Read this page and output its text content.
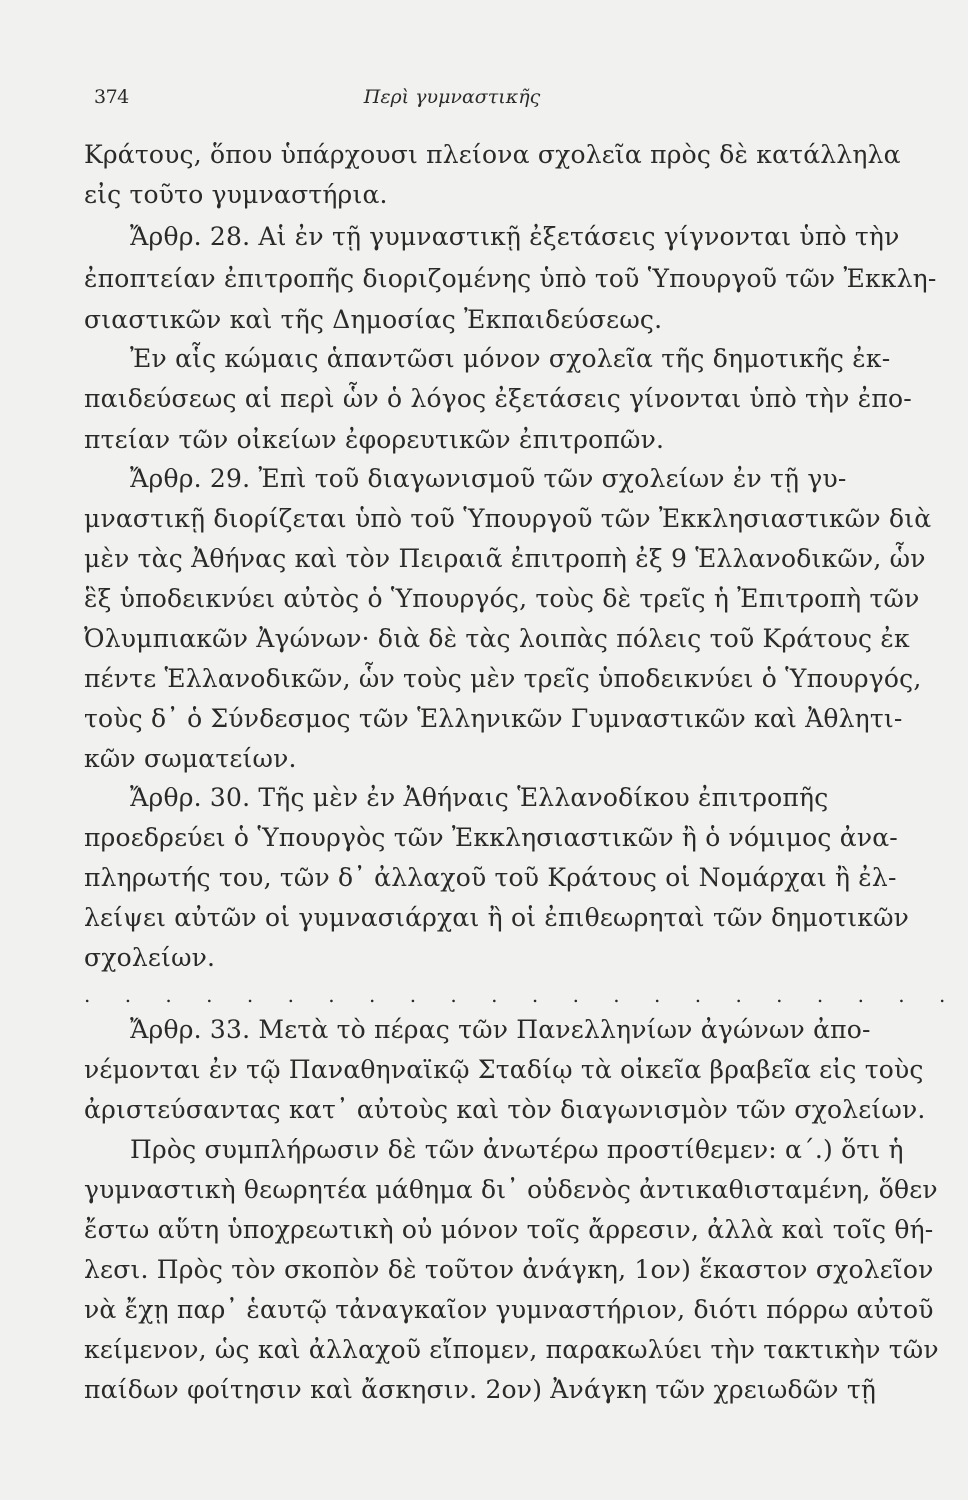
374	Περὶ γυμναστικῆς
Κράτους, ὅπου ὑπάρχουσι πλείονα σχολεῖα πρὸς δὲ κατάλληλα
εἰς τοῦτο γυμναστήρια.
Ἄρθρ. 28. Αἱ ἐν τῇ γυμναστικῇ ἐξετάσεις γίγνονται ὑπὸ τὴν
ἐποπτείαν ἐπιτροπῆς διοριζομένης ὑπὸ τοῦ Ὑπουργοῦ τῶν Ἐκκλη-
σιαστικῶν καὶ τῆς Δημοσίας Ἐκπαιδεύσεως.
Ἐν αἷς κώμαις ἁπαντῶσι μόνον σχολεῖα τῆς δημοτικῆς ἐκ-
παιδεύσεως αἱ περὶ ὧν ὁ λόγος ἐξετάσεις γίνονται ὑπὸ τὴν ἐπο-
πτείαν τῶν οἰκείων ἐφορευτικῶν ἐπιτροπῶν.
Ἄρθρ. 29. Ἐπὶ τοῦ διαγωνισμοῦ τῶν σχολείων ἐν τῇ γυ-
μναστικῇ διορίζεται ὑπὸ τοῦ Ὑπουργοῦ τῶν Ἐκκλησιαστικῶν διὰ
μὲν τὰς Ἀθήνας καὶ τὸν Πειραιᾶ ἐπιτροπὴ ἐξ 9 Ἑλλανοδικῶν, ὧν
ἓξ ὑποδεικνύει αὐτὸς ὁ Ὑπουργός, τοὺς δὲ τρεῖς ἡ Ἐπιτροπὴ τῶν
Ὀλυμπιακῶν Ἀγώνων· διὰ δὲ τὰς λοιπὰς πόλεις τοῦ Κράτους ἐκ
πέντε Ἑλλανοδικῶν, ὧν τοὺς μὲν τρεῖς ὑποδεικνύει ὁ Ὑπουργός,
τοὺς δ᾽ ὁ Σύνδεσμος τῶν Ἑλληνικῶν Γυμναστικῶν καὶ Ἀθλητι-
κῶν σωματείων.
Ἄρθρ. 30. Τῆς μὲν ἐν Ἀθήναις Ἑλλανοδίκου ἐπιτροπῆς
προεδρεύει ὁ Ὑπουργὸς τῶν Ἐκκλησιαστικῶν ἢ ὁ νόμιμος ἀνα-
πληρωτής του, τῶν δ᾽ ἀλλαχοῦ τοῦ Κράτους οἱ Νομάρχαι ἢ ἐλ-
λείψει αὐτῶν οἱ γυμνασιάρχαι ἢ οἱ ἐπιθεωρηταὶ τῶν δημοτικῶν
σχολείων.
. . . . . . . . . . . . . . . . . . . . . .
Ἄρθρ. 33. Μετὰ τὸ πέρας τῶν Πανελληνίων ἀγώνων ἀπο-
νέμονται ἐν τῷ Παναθηναϊκῷ Σταδίῳ τὰ οἰκεῖα βραβεῖα εἰς τοὺς
ἀριστεύσαντας κατ᾽ αὐτοὺς καὶ τὸν διαγωνισμὸν τῶν σχολείων.
Πρὸς συμπλήρωσιν δὲ τῶν ἀνωτέρω προστίθεμεν: α΄.) ὅτι ἡ
γυμναστικὴ θεωρητέα μάθημα δι᾽ οὐδενὸς ἀντικαθισταμένη, ὅθεν
ἔστω αὕτη ὑποχρεωτικὴ οὐ μόνον τοῖς ἄρρεσιν, ἀλλὰ καὶ τοῖς θή-
λεσι. Πρὸς τὸν σκοπὸν δὲ τοῦτον ἀνάγκη, 1ον) ἕκαστον σχολεῖον
νὰ ἔχῃ παρ᾽ ἑαυτῷ τἀναγκαῖον γυμναστήριον, διότι πόρρω αὐτοῦ
κείμενον, ὡς καὶ ἀλλαχοῦ εἴπομεν, παρακωλύει τὴν τακτικὴν τῶν
παίδων φοίτησιν καὶ ἄσκησιν. 2ον) Ἀνάγκη τῶν χρειωδῶν τῇ
